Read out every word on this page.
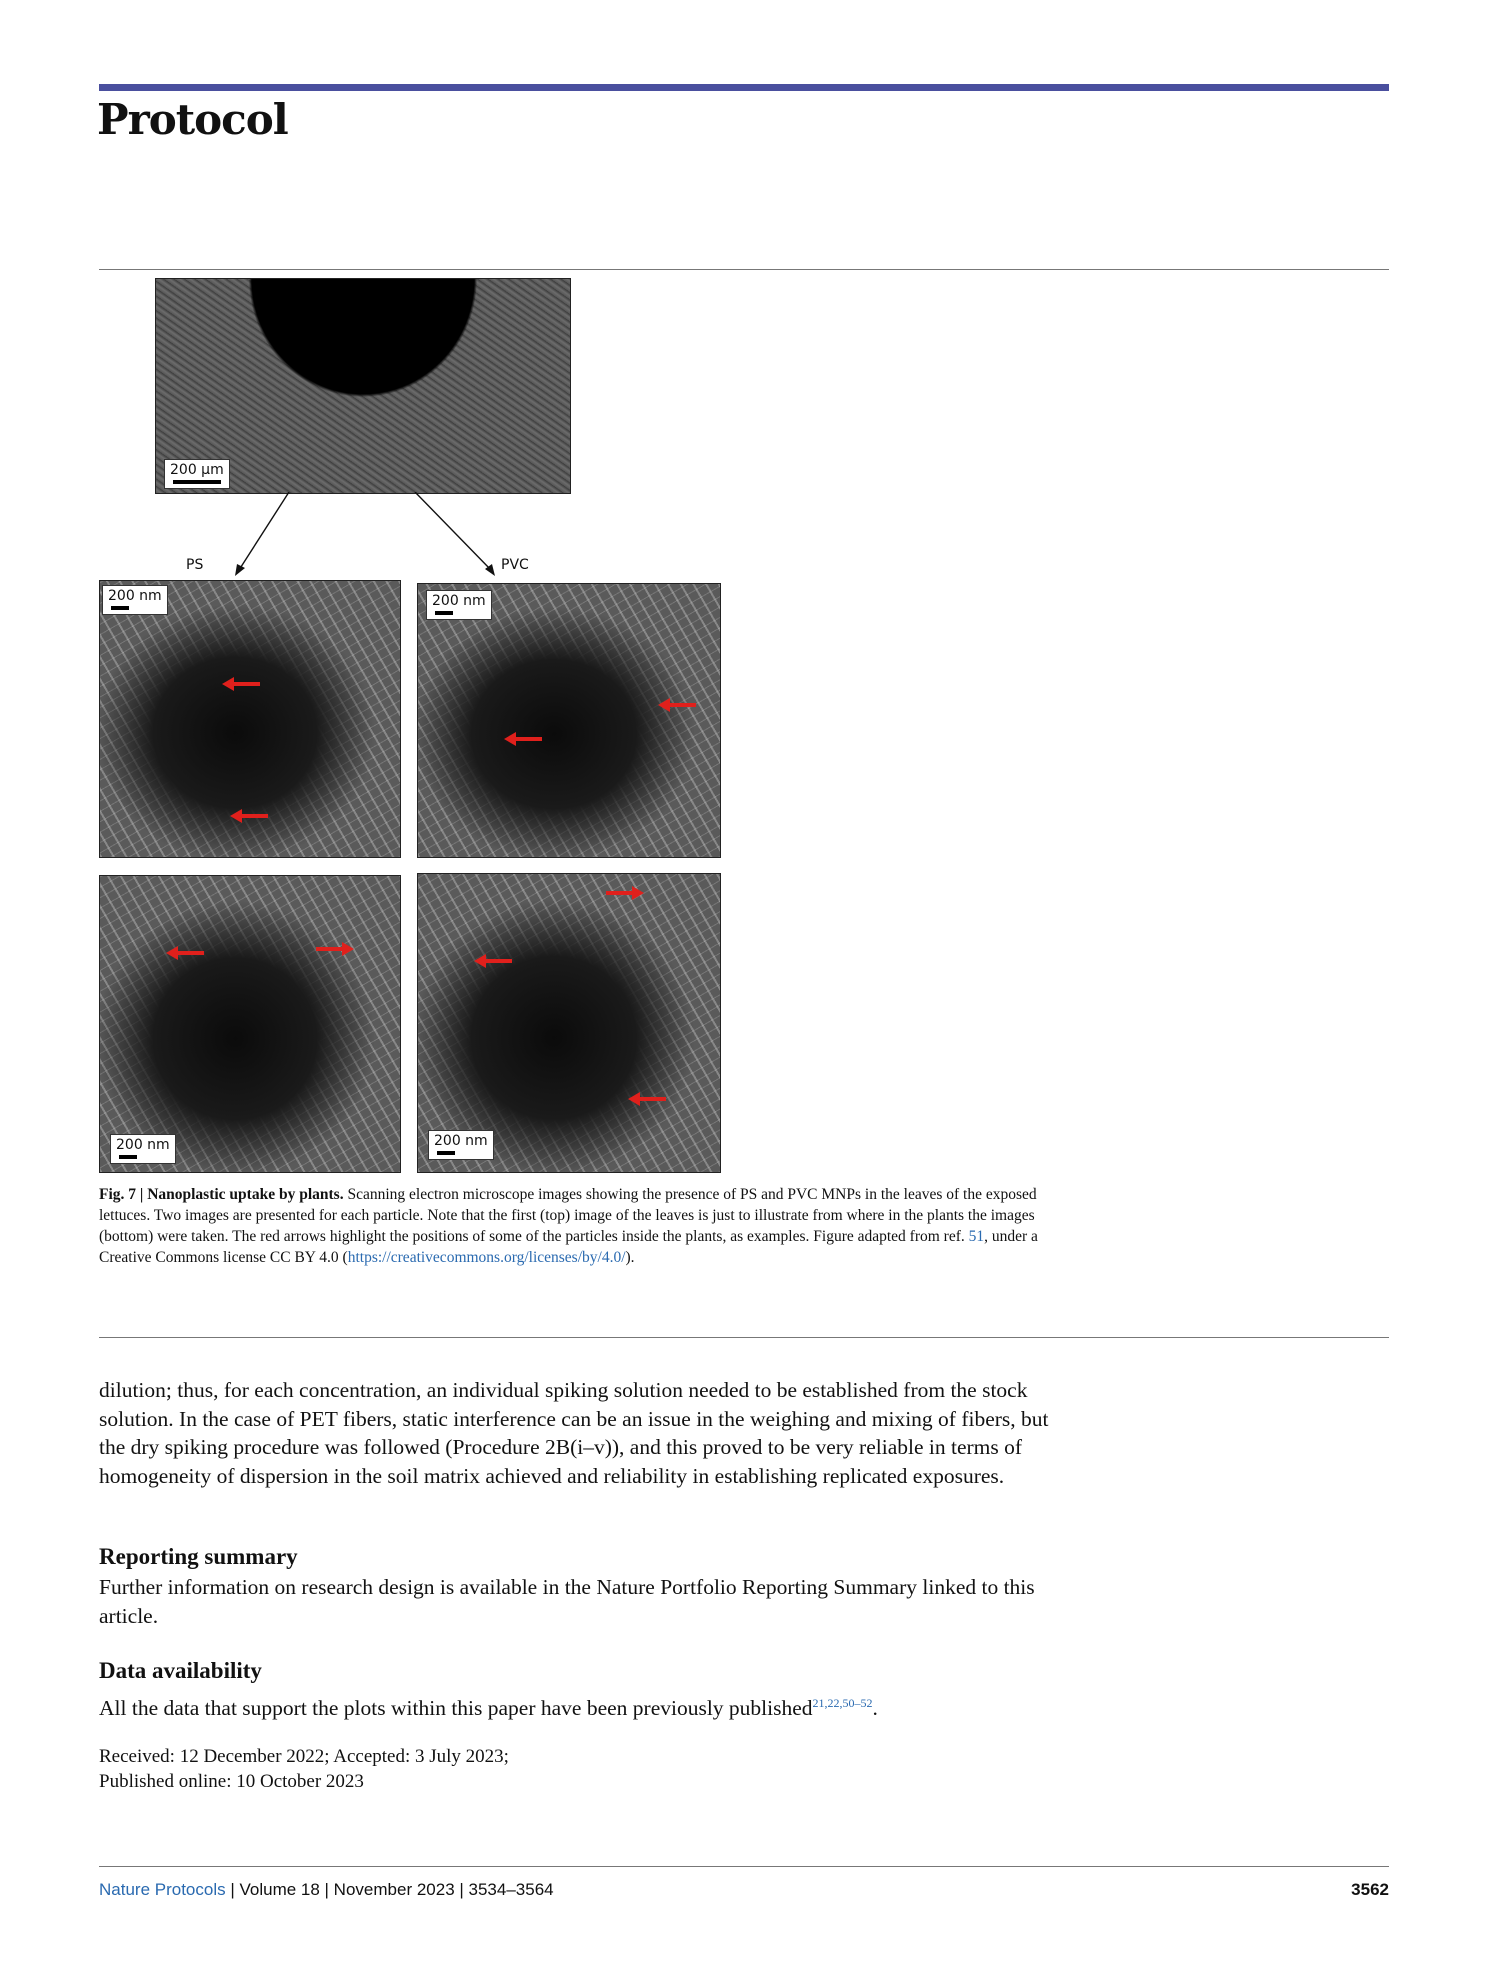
Protocol
200 µm
PS	PVC
200 nm	200 nm
200 nm	200 nm
Fig. 7 | Nanoplastic uptake by plants. Scanning electron microscope images showing the presence of PS and PVC MNPs in the leaves of the exposed lettuces. Two images are presented for each particle. Note that the first (top) image of the leaves is just to illustrate from where in the plants the images (bottom) were taken. The red arrows highlight the positions of some of the particles inside the plants, as examples. Figure adapted from ref. 51, under a Creative Commons license CC BY 4.0 (https://creativecommons.org/licenses/by/4.0/).
dilution; thus, for each concentration, an individual spiking solution needed to be established from the stock solution. In the case of PET fibers, static interference can be an issue in the weighing and mixing of fibers, but the dry spiking procedure was followed (Procedure 2B(i–v)), and this proved to be very reliable in terms of homogeneity of dispersion in the soil matrix achieved and reliability in establishing replicated exposures.
Reporting summary
Further information on research design is available in the Nature Portfolio Reporting Summary linked to this article.
Data availability
All the data that support the plots within this paper have been previously published$^{21,22,50-52}$.
Received: 12 December 2022; Accepted: 3 July 2023;
Published online: 10 October 2023
Nature Protocols | Volume 18 | November 2023 | 3534–3564	3562
